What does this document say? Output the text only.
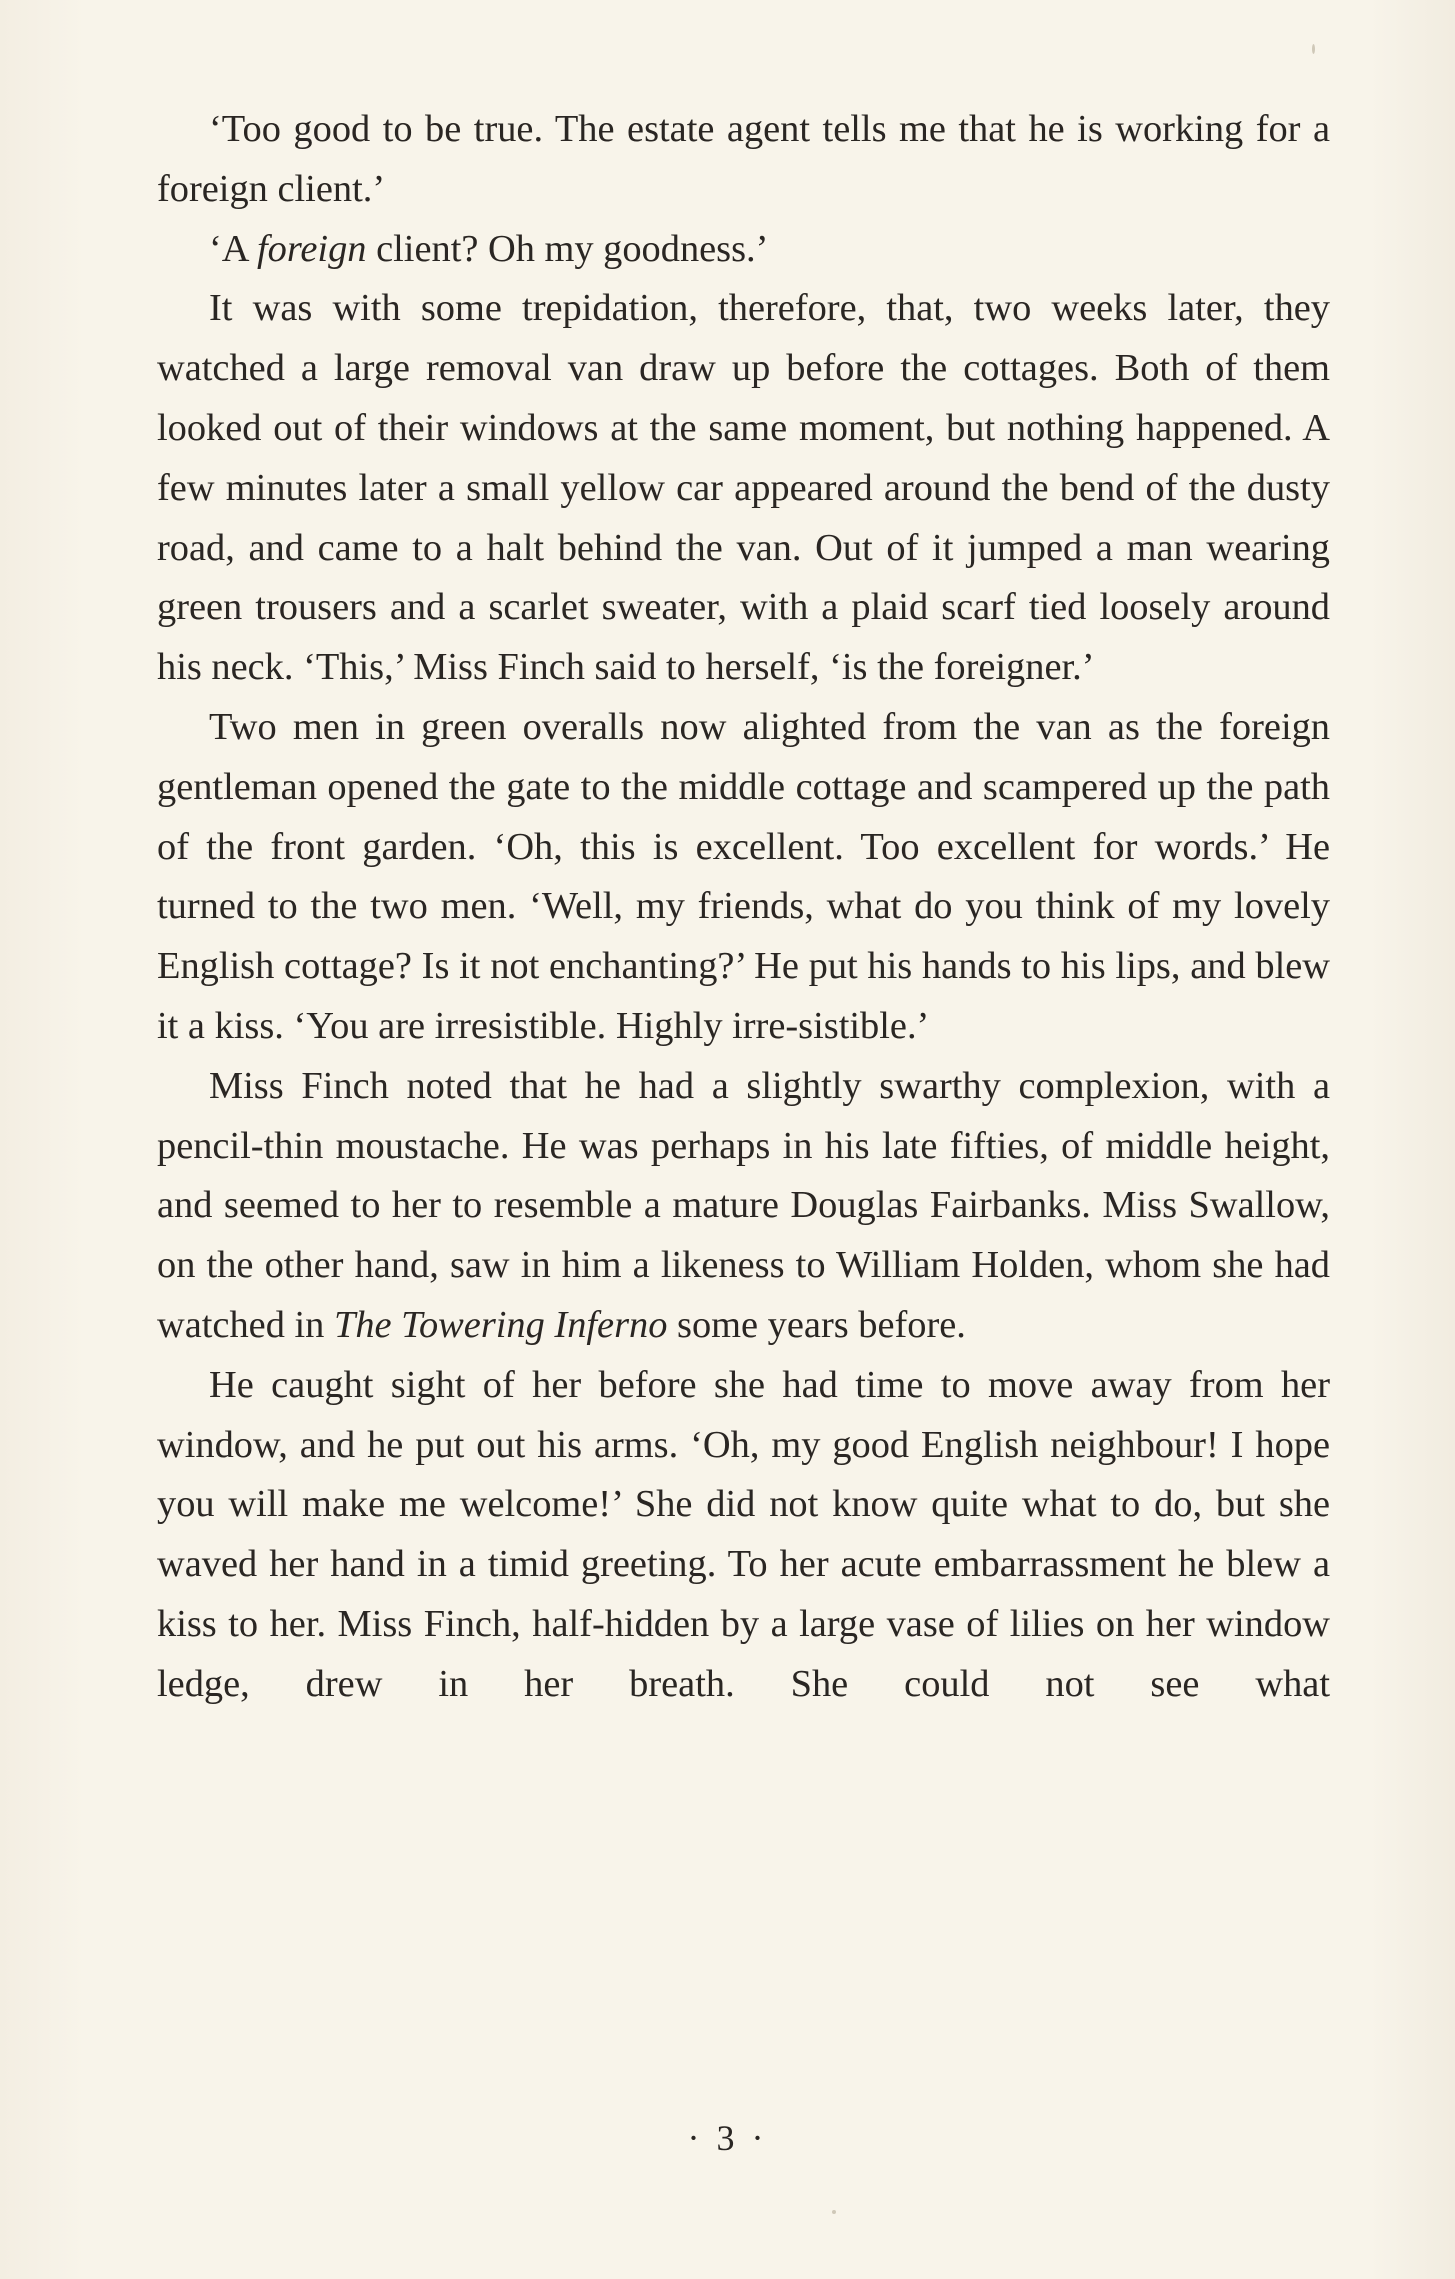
‘Too good to be true. The estate agent tells me that he is working for a foreign client.’

‘A foreign client? Oh my goodness.’

It was with some trepidation, therefore, that, two weeks later, they watched a large removal van draw up before the cottages. Both of them looked out of their windows at the same moment, but nothing happened. A few minutes later a small yellow car appeared around the bend of the dusty road, and came to a halt behind the van. Out of it jumped a man wearing green trousers and a scarlet sweater, with a plaid scarf tied loosely around his neck. ‘This,’ Miss Finch said to herself, ‘is the foreigner.’

Two men in green overalls now alighted from the van as the foreign gentleman opened the gate to the middle cottage and scampered up the path of the front garden. ‘Oh, this is excellent. Too excellent for words.’ He turned to the two men. ‘Well, my friends, what do you think of my lovely English cottage? Is it not enchanting?’ He put his hands to his lips, and blew it a kiss. ‘You are irresistible. Highly irre-sistible.’

Miss Finch noted that he had a slightly swarthy complexion, with a pencil-thin moustache. He was perhaps in his late fifties, of middle height, and seemed to her to resemble a mature Douglas Fairbanks. Miss Swallow, on the other hand, saw in him a likeness to William Holden, whom she had watched in The Towering Inferno some years before.

He caught sight of her before she had time to move away from her window, and he put out his arms. ‘Oh, my good English neighbour! I hope you will make me welcome!’ She did not know quite what to do, but she waved her hand in a timid greeting. To her acute embarrassment he blew a kiss to her. Miss Finch, half-hidden by a large vase of lilies on her window ledge, drew in her breath. She could not see what

· 3 ·
